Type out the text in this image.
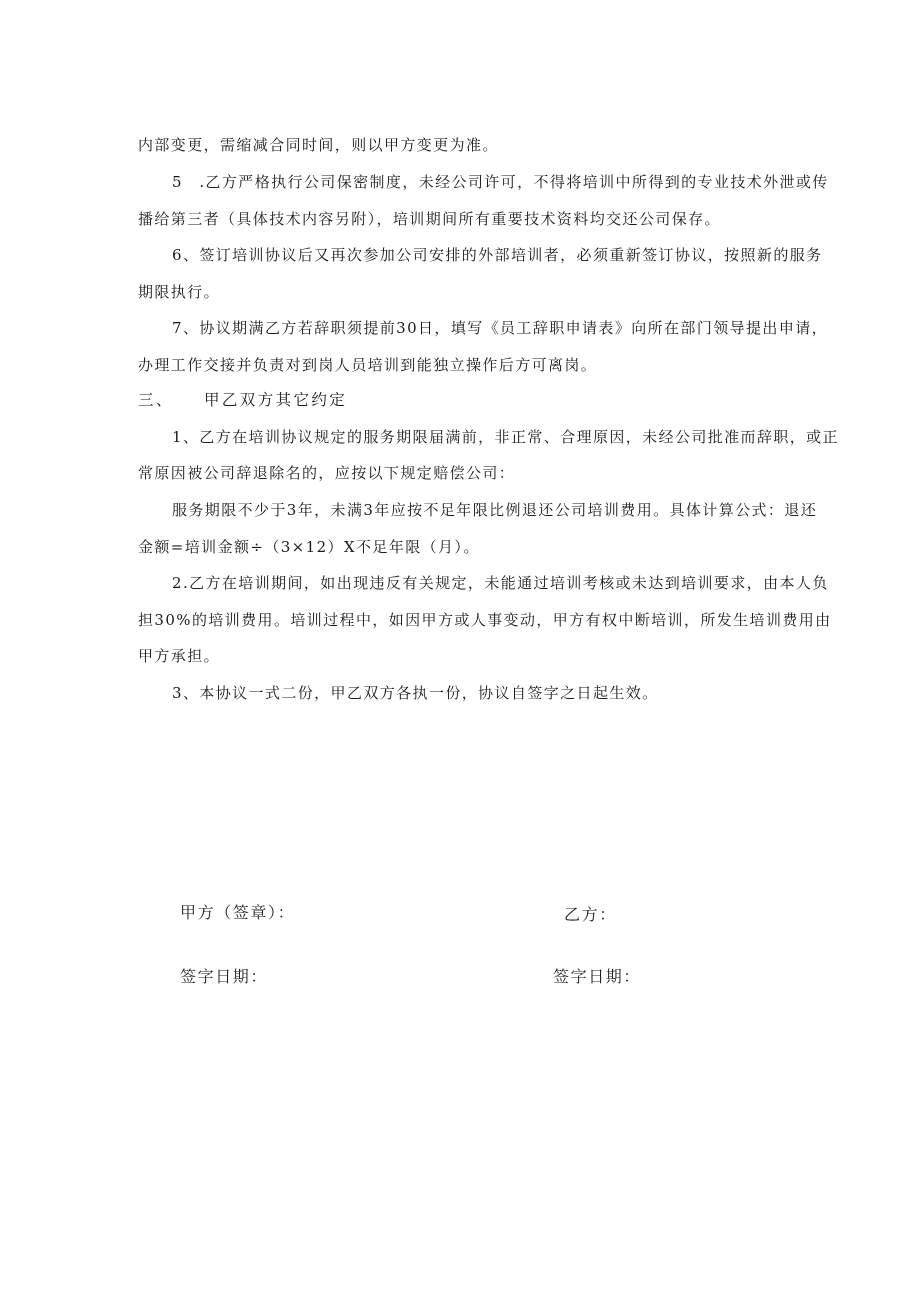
内部变更，需缩减合同时间，则以甲方变更为准。
5　.乙方严格执行公司保密制度，未经公司许可，不得将培训中所得到的专业技术外泄或传
播给第三者（具体技术内容另附），培训期间所有重要技术资料均交还公司保存。
6、签订培训协议后又再次参加公司安排的外部培训者，必须重新签订协议，按照新的服务
期限执行。
7、协议期满乙方若辞职须提前30日，填写《员工辞职申请表》向所在部门领导提出申请，
办理工作交接并负责对到岗人员培训到能独立操作后方可离岗。
三、 甲乙双方其它约定
1、乙方在培训协议规定的服务期限届满前，非正常、合理原因，未经公司批准而辞职，或正
常原因被公司辞退除名的，应按以下规定赔偿公司：
服务期限不少于3年，未满3年应按不足年限比例退还公司培训费用。具体计算公式：退还
金额=培训金额÷（3×12）X不足年限（月）。
2.乙方在培训期间，如出现违反有关规定，未能通过培训考核或未达到培训要求，由本人负
担30%的培训费用。培训过程中，如因甲方或人事变动，甲方有权中断培训，所发生培训费用由
甲方承担。
3、本协议一式二份，甲乙双方各执一份，协议自签字之日起生效。
甲方（签章）：	乙方：
签字日期：	签字日期：
